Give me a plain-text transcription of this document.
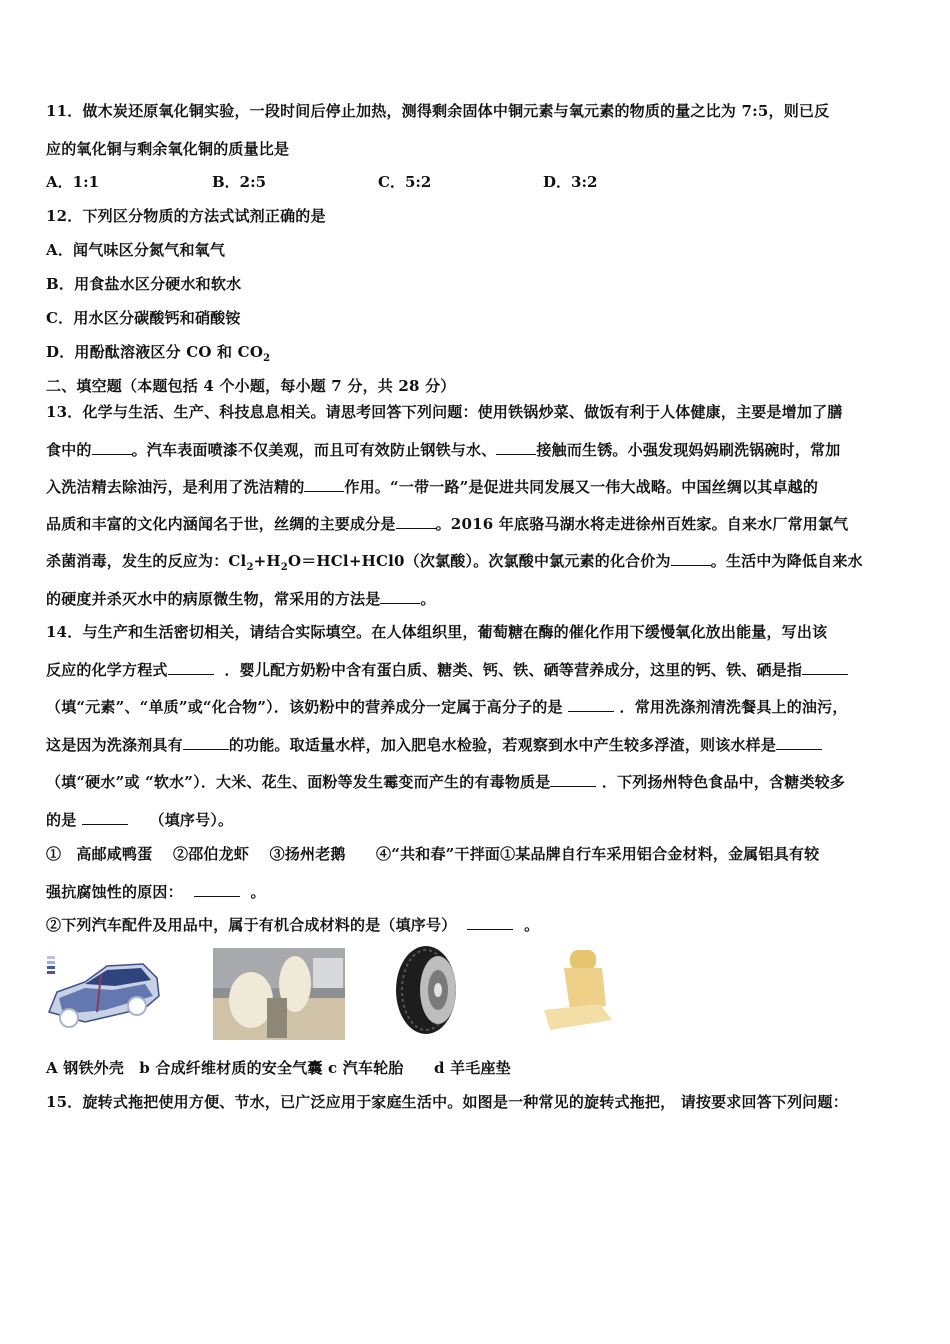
11．做木炭还原氧化铜实验，一段时间后停止加热，测得剩余固体中铜元素与氧元素的物质的量之比为 7:5，则已反
应的氧化铜与剩余氧化铜的质量比是
A．1:1	B．2:5	C．5:2	D．3:2
12．下列区分物质的方法式试剂正确的是
A．闻气味区分氮气和氧气
B．用食盐水区分硬水和软水
C．用水区分碳酸钙和硝酸铵
D．用酚酞溶液区分 CO 和 $CO_2$
二、填空题（本题包括 4 个小题，每小题 7 分，共 28 分）
13．化学与生活、生产、科技息息相关。请思考回答下列问题：使用铁锅炒菜、做饭有利于人体健康，主要是增加了膳
食中的	。汽车表面喷漆不仅美观，而且可有效防止钢铁与水、	接触而生锈。小强发现妈妈刷洗锅碗时，常加
入洗洁精去除油污，是利用了洗洁精的	作用。“一带一路”是促进共同发展又一伟大战略。中国丝绸以其卓越的
品质和丰富的文化内涵闻名于世，丝绸的主要成分是	。2016 年底骆马湖水将走进徐州百姓家。自来水厂常用氯气
杀菌消毒，发生的反应为：$Cl_2+H_2O=HCl+HCl0$（次氯酸）。次氯酸中氯元素的化合价为	。生活中为降低自来水
的硬度并杀灭水中的病原微生物，常采用的方法是	。
14．与生产和生活密切相关，请结合实际填空。在人体组织里，葡萄糖在酶的催化作用下缓慢氧化放出能量，写出该
反应的化学方程式	．婴儿配方奶粉中含有蛋白质、糖类、钙、铁、硒等营养成分，这里的钙、铁、硒是指
（填“元素”、“单质”或“化合物”）．该奶粉中的营养成分一定属于高分子的是	．常用洗涤剂清洗餐具上的油污，
这是因为洗涤剂具有	的功能。取适量水样，加入肥皂水检验，若观察到水中产生较多浮渣，则该水样是
（填“硬水”或 “软水”）．大米、花生、面粉等发生霉变而产生的有毒物质是	．下列扬州特色食品中，含糖类较多
的是	（填序号）。
①　高邮咸鸭蛋　 ②邵伯龙虾　 ③扬州老鹅　　④“共和春”干拌面①某品牌自行车采用铝合金材料，金属铝具有较
强抗腐蚀性的原因：	。
②下列汽车配件及用品中，属于有机合成材料的是（填序号）	。
A 钢铁外壳　b 合成纤维材质的安全气囊 c 汽车轮胎　　d 羊毛座垫
15．旋转式拖把使用方便、节水，已广泛应用于家庭生活中。如图是一种常见的旋转式拖把， 请按要求回答下列问题：
